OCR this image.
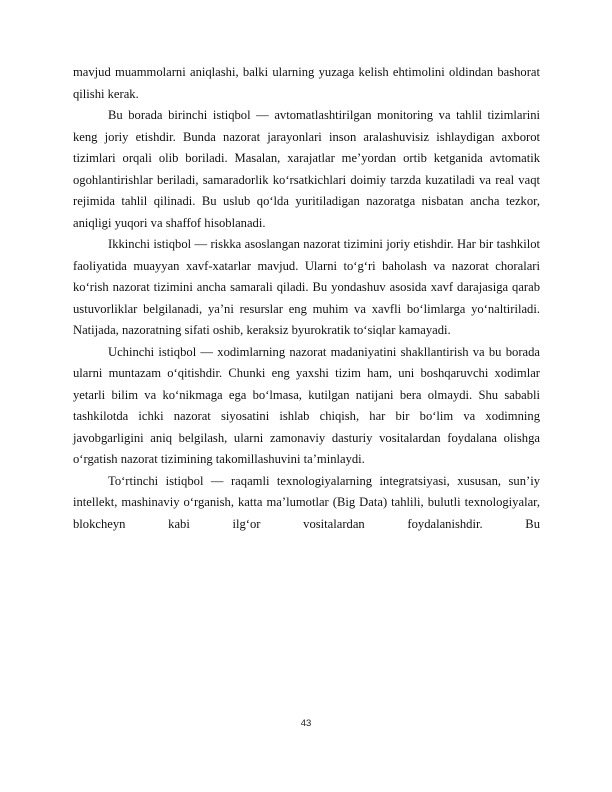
mavjud muammolarni aniqlashi, balki ularning yuzaga kelish ehtimolini oldindan bashorat qilishi kerak.

Bu borada birinchi istiqbol — avtomatlashtirilgan monitoring va tahlil tizimlarini keng joriy etishdir. Bunda nazorat jarayonlari inson aralashuvisiz ishlaydigan axborot tizimlari orqali olib boriladi. Masalan, xarajatlar me’yordan ortib ketganida avtomatik ogohlantirishlar beriladi, samaradorlik ko‘rsatkichlari doimiy tarzda kuzatiladi va real vaqt rejimida tahlil qilinadi. Bu uslub qo‘lda yuritiladigan nazoratga nisbatan ancha tezkor, aniqligi yuqori va shaffof hisoblanadi.

Ikkinchi istiqbol — riskka asoslangan nazorat tizimini joriy etishdir. Har bir tashkilot faoliyatida muayyan xavf-xatarlar mavjud. Ularni to‘g‘ri baholash va nazorat choralari ko‘rish nazorat tizimini ancha samarali qiladi. Bu yondashuv asosida xavf darajasiga qarab ustuvorliklar belgilanadi, ya’ni resurslar eng muhim va xavfli bo‘limlarga yo‘naltiriladi. Natijada, nazoratning sifati oshib, keraksiz byurokratik to‘siqlar kamayadi.

Uchinchi istiqbol — xodimlarning nazorat madaniyatini shakllantirish va bu borada ularni muntazam o‘qitishdir. Chunki eng yaxshi tizim ham, uni boshqaruvchi xodimlar yetarli bilim va ko‘nikmaga ega bo‘lmasa, kutilgan natijani bera olmaydi. Shu sababli tashkilotda ichki nazorat siyosatini ishlab chiqish, har bir bo‘lim va xodimning javobgarligini aniq belgilash, ularni zamonaviy dasturiy vositalardan foydalana olishga o‘rgatish nazorat tizimining takomillashuvini ta’minlaydi.

To‘rtinchi istiqbol — raqamli texnologiyalarning integratsiyasi, xususan, sun’iy intellekt, mashinaviy o‘rganish, katta ma’lumotlar (Big Data) tahlili, bulutli texnologiyalar, blokcheyn kabi ilg‘or vositalardan foydalanishdir. Bu

43
